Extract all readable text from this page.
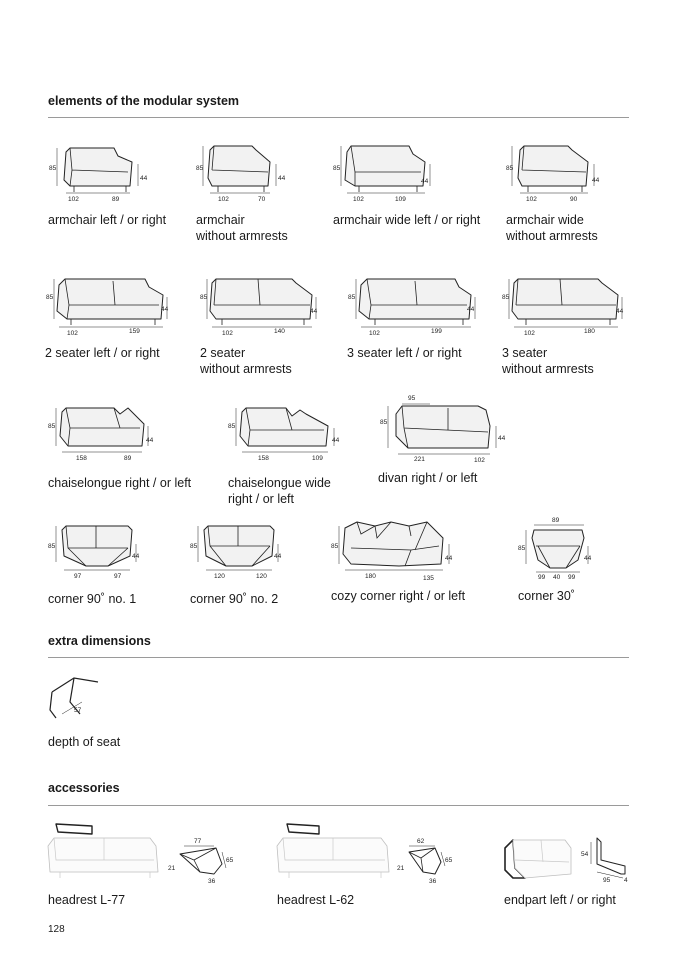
elements of the modular system
85
44
102	89
armchair left / or right
85
44
102	70
armchair
without armrests
85
44
102	109
armchair wide left / or right
85
44
102	90
armchair wide
without armrests
85
44
102	159
2 seater left / or right
85
44
102	140
2 seater
without armrests
85
44
102	199
3 seater left / or right
85
44
102	180
3 seater
without armrests
85
44
158	89
chaiselongue right / or left
85
44
158	109
chaiselongue wide
right / or left
95
85
44
221	102
divan right / or left
85
44
97	97
corner 90˚ no. 1
85
44
120	120
corner 90˚ no. 2
85
44
180	135
cozy corner right / or left
89
85
44
99 40 99
corner 30˚
extra dimensions
57
depth of seat
accessories
77
65
21
36
headrest L-77
62
65
21
36
headrest L-62
54
95 4
endpart left / or right
128
